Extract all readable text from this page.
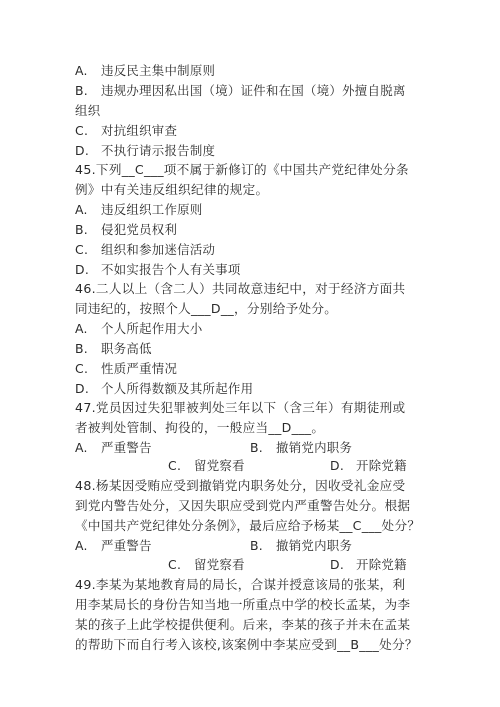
A. 违反民主集中制原则
B. 违规办理因私出国（境）证件和在国（境）外擅自脱离
组织
C. 对抗组织审查
D. 不执行请示报告制度
45.下列__C___项不属于新修订的《中国共产党纪律处分条
例》中有关违反组织纪律的规定。
A. 违反组织工作原则
B. 侵犯党员权利
C. 组织和参加迷信活动
D. 不如实报告个人有关事项
46.二人以上（含二人）共同故意违纪中，对于经济方面共
同违纪的，按照个人___D__，分别给予处分。
A. 个人所起作用大小
B. 职务高低
C. 性质严重情况
D. 个人所得数额及其所起作用
47.党员因过失犯罪被判处三年以下（含三年）有期徒刑或
者被判处管制、拘役的，一般应当__D___。
A. 严重警告	B. 撤销党内职务
C. 留党察看	D. 开除党籍
48.杨某因受贿应受到撤销党内职务处分，因收受礼金应受
到党内警告处分，又因失职应受到党内严重警告处分。根据
《中国共产党纪律处分条例》，最后应给予杨某__C___处分？
A. 严重警告	B. 撤销党内职务
C. 留党察看	D. 开除党籍
49.李某为某地教育局的局长，合谋并授意该局的张某，利
用李某局长的身份告知当地一所重点中学的校长孟某，为李
某的孩子上此学校提供便利。后来，李某的孩子并未在孟某
的帮助下而自行考入该校,该案例中李某应受到__B___处分？
